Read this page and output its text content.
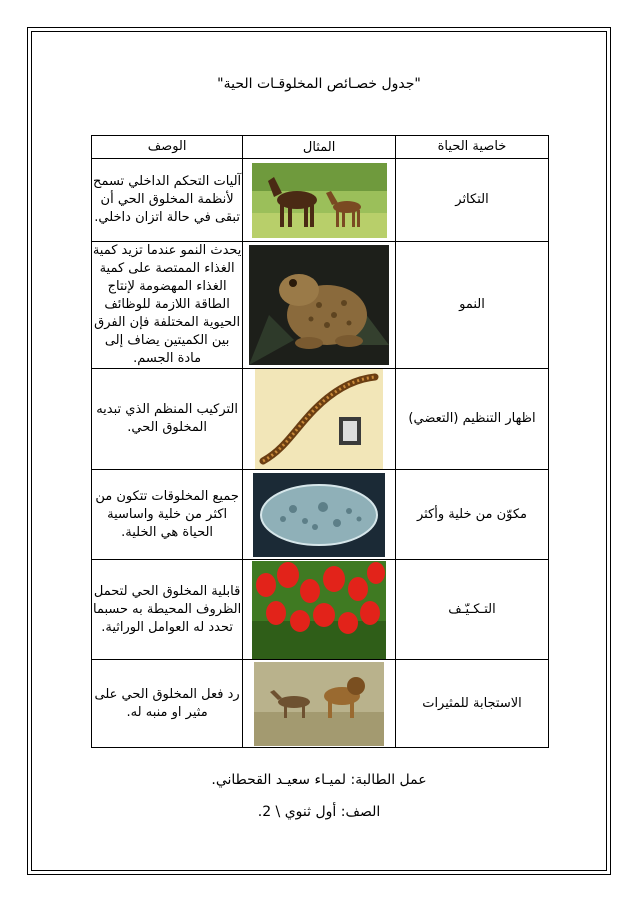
"جدول خصـائص المخلوقـات الحية"
خاصية الحياة	المثال	الوصف
التكاثر		آليات التحكم الداخلي تسمح لأنظمة المخلوق الحي أن تبقى في حالة اتزان داخلي.
النمو		يحدث النمو عندما تزيد كمية الغذاء الممتصة على كمية الغذاء المهضومة لإنتاج الطاقة اللازمة للوظائف الحيوية المختلفة فإن الفرق بين الكميتين يضاف إلى مادة الجسم.
اظهار التنظيم (التعضي)		التركيب المنظم الذي تبديه المخلوق الحي.
مكوّن من خلية وأكثر		جميع المخلوقات تتكون من اكثر من خلية واساسية الحياة هي الخلية.
التـكـيّـف		قابلية المخلوق الحي لتحمل الظروف المحيطة به حسبما تحدد له العوامل الوراثية.
الاستجابة للمثيرات		رد فعل المخلوق الحي على مثير او منبه له.
عمل الطالبة: لميـاء سعيـد القحطاني.
الصف: أول ثنوي \ 2.
